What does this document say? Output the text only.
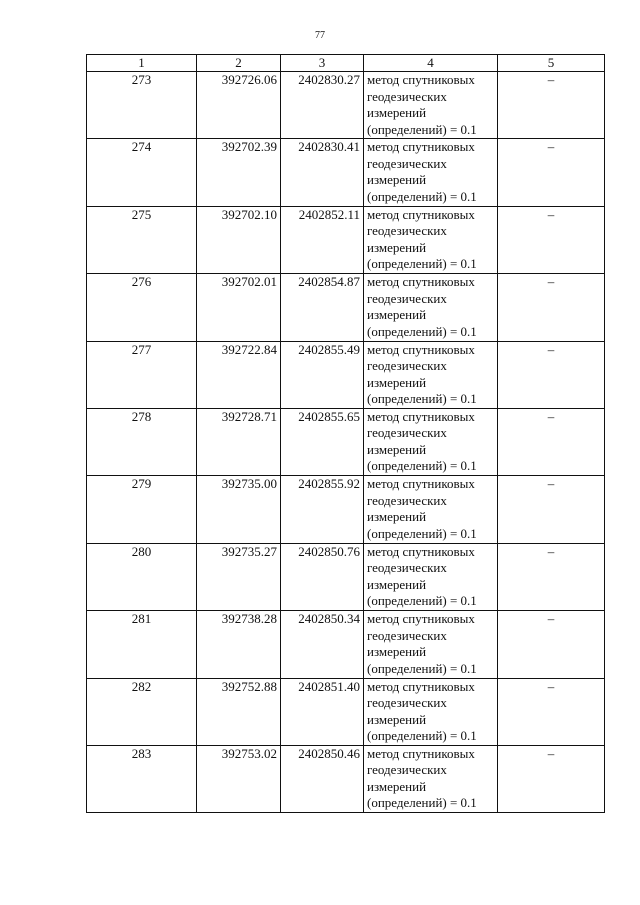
77
1	2	3	4	5
273	392726.06	2402830.27	метод спутниковых
геодезических
измерений
(определений) = 0.1	–
274	392702.39	2402830.41	метод спутниковых
геодезических
измерений
(определений) = 0.1	–
275	392702.10	2402852.11	метод спутниковых
геодезических
измерений
(определений) = 0.1	–
276	392702.01	2402854.87	метод спутниковых
геодезических
измерений
(определений) = 0.1	–
277	392722.84	2402855.49	метод спутниковых
геодезических
измерений
(определений) = 0.1	–
278	392728.71	2402855.65	метод спутниковых
геодезических
измерений
(определений) = 0.1	–
279	392735.00	2402855.92	метод спутниковых
геодезических
измерений
(определений) = 0.1	–
280	392735.27	2402850.76	метод спутниковых
геодезических
измерений
(определений) = 0.1	–
281	392738.28	2402850.34	метод спутниковых
геодезических
измерений
(определений) = 0.1	–
282	392752.88	2402851.40	метод спутниковых
геодезических
измерений
(определений) = 0.1	–
283	392753.02	2402850.46	метод спутниковых
геодезических
измерений
(определений) = 0.1	–
